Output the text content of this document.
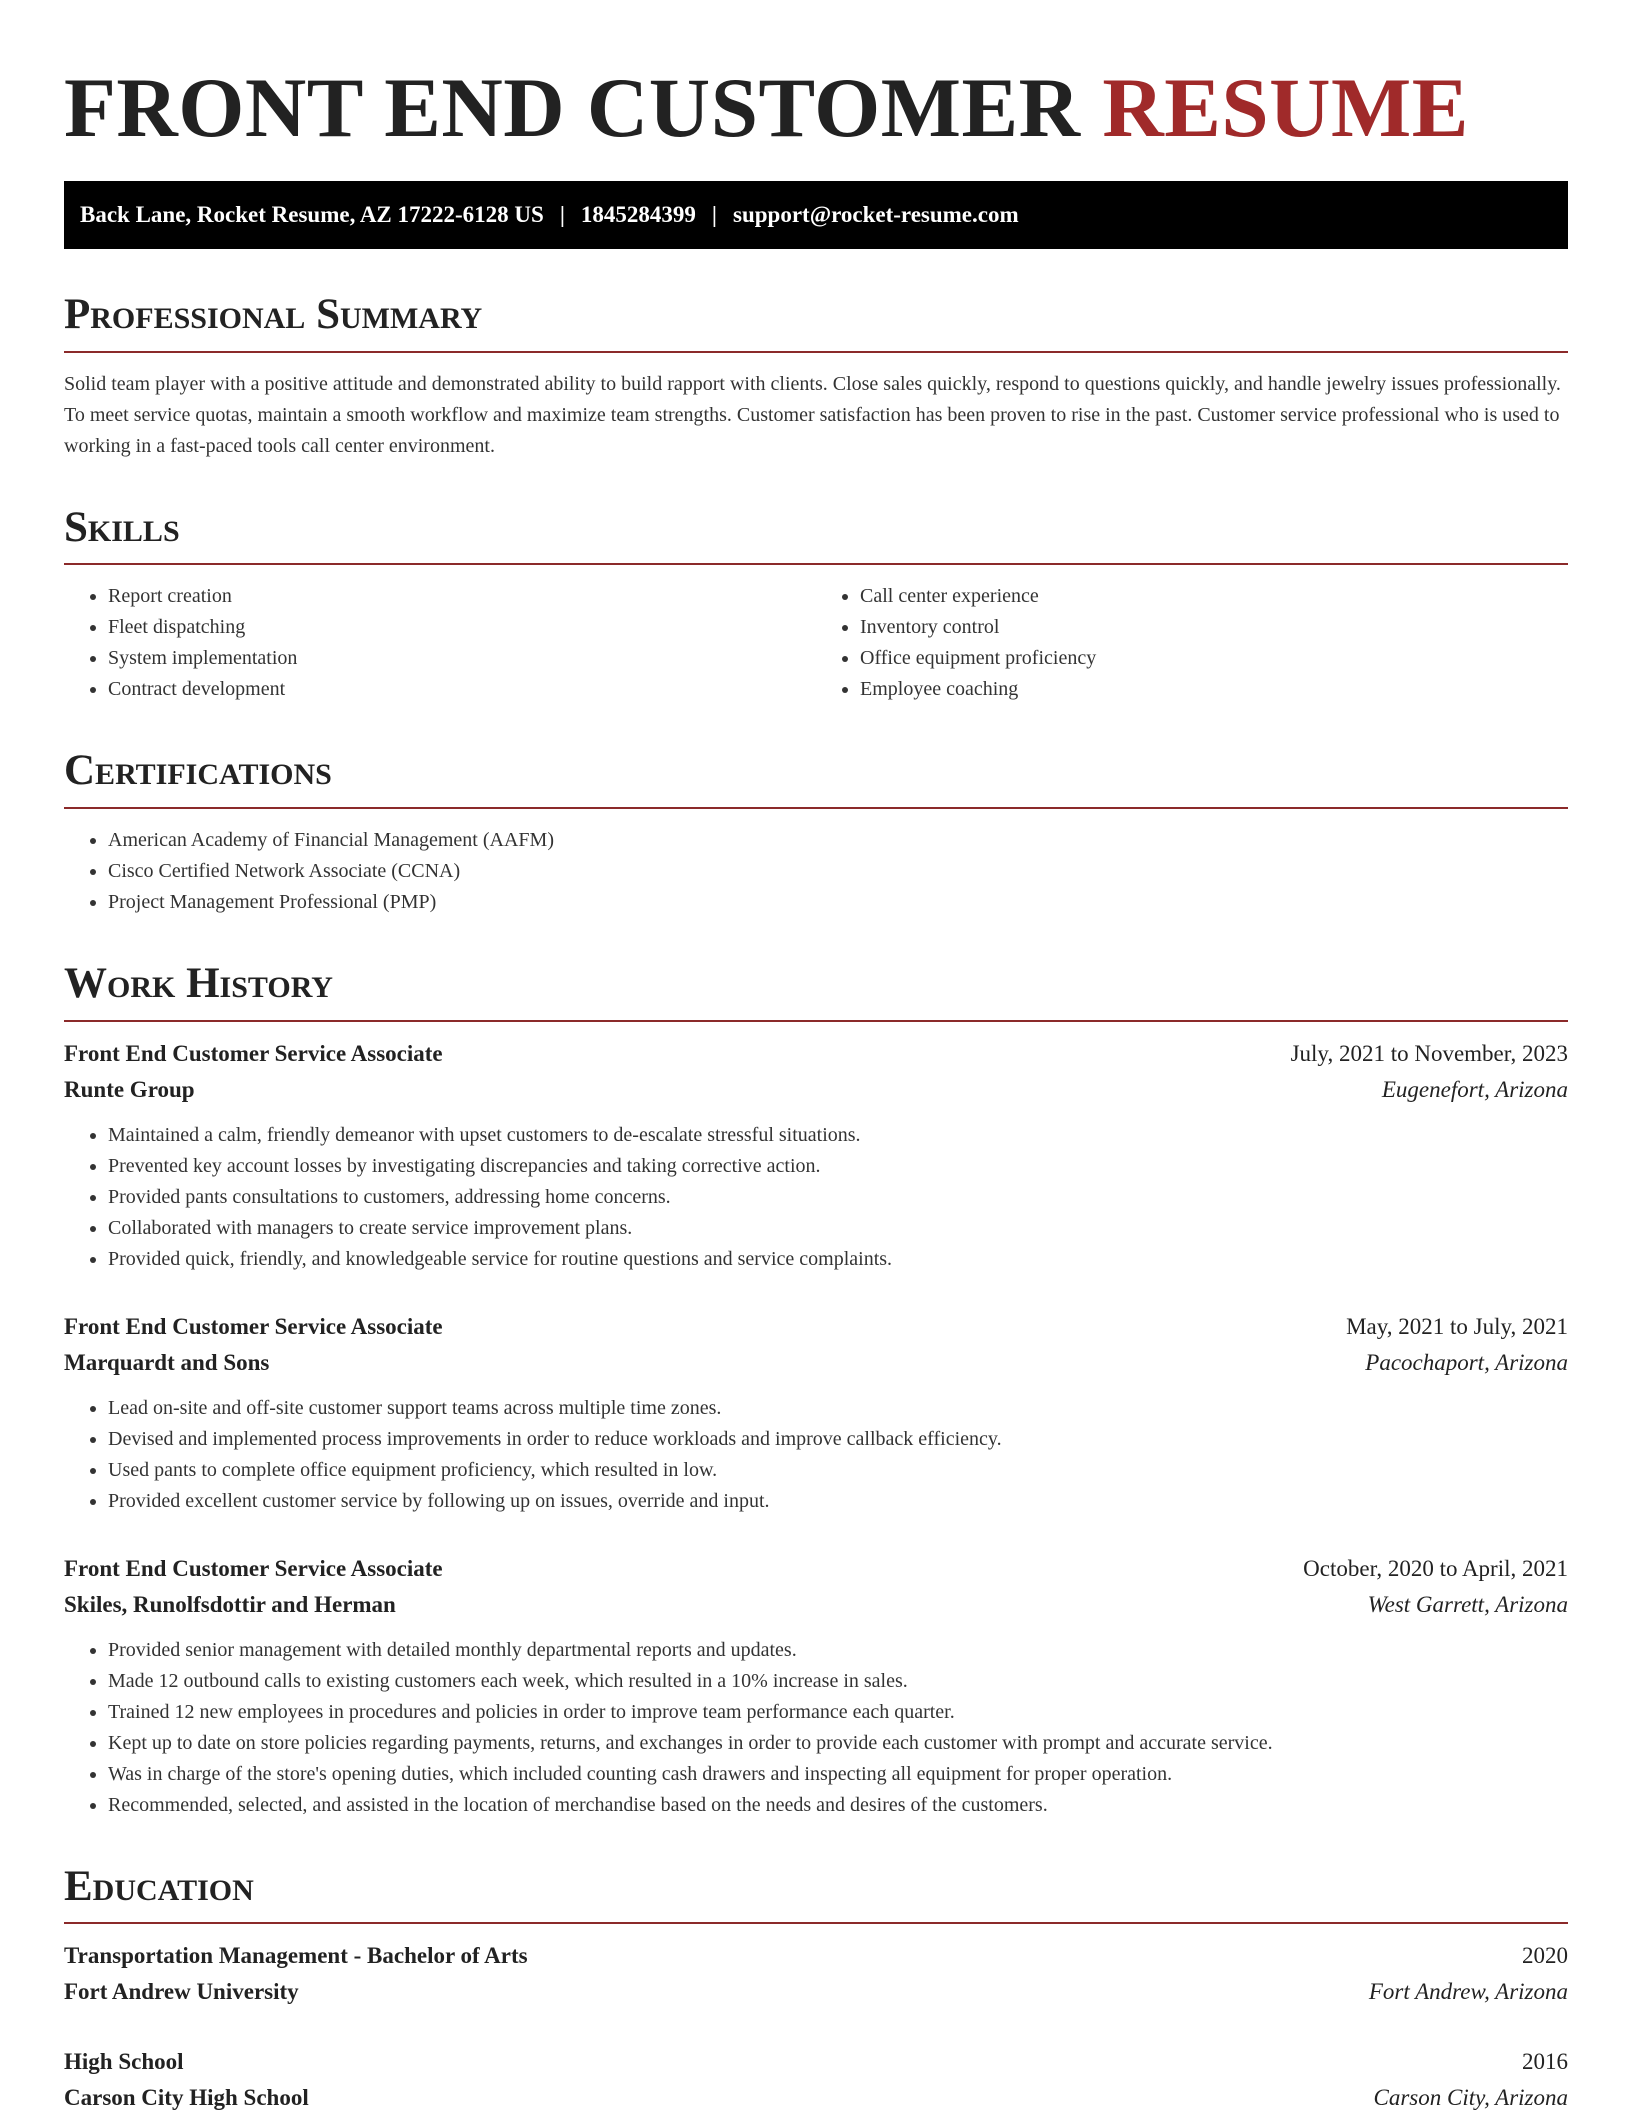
FRONT END CUSTOMER RESUME
Back Lane, Rocket Resume, AZ 17222-6128 US | 1845284399 | support@rocket-resume.com
Professional Summary

Solid team player with a positive attitude and demonstrated ability to build rapport with clients. Close sales quickly, respond to questions quickly, and handle jewelry issues professionally. To meet service quotas, maintain a smooth workflow and maximize team strengths. Customer satisfaction has been proven to rise in the past. Customer service professional who is used to working in a fast-paced tools call center environment.

Skills
• Report creation
• Fleet dispatching
• System implementation
• Contract development
• Call center experience
• Inventory control
• Office equipment proficiency
• Employee coaching
Certifications
• American Academy of Financial Management (AAFM)
• Cisco Certified Network Associate (CCNA)
• Project Management Professional (PMP)
Work History
Front End Customer Service Associate	July, 2021 to November, 2023
Runte Group	Eugenefort, Arizona
• Maintained a calm, friendly demeanor with upset customers to de-escalate stressful situations.
• Prevented key account losses by investigating discrepancies and taking corrective action.
• Provided pants consultations to customers, addressing home concerns.
• Collaborated with managers to create service improvement plans.
• Provided quick, friendly, and knowledgeable service for routine questions and service complaints.
Front End Customer Service Associate	May, 2021 to July, 2021
Marquardt and Sons	Pacochaport, Arizona
• Lead on-site and off-site customer support teams across multiple time zones.
• Devised and implemented process improvements in order to reduce workloads and improve callback efficiency.
• Used pants to complete office equipment proficiency, which resulted in low.
• Provided excellent customer service by following up on issues, override and input.
Front End Customer Service Associate	October, 2020 to April, 2021
Skiles, Runolfsdottir and Herman	West Garrett, Arizona
• Provided senior management with detailed monthly departmental reports and updates.
• Made 12 outbound calls to existing customers each week, which resulted in a 10% increase in sales.
• Trained 12 new employees in procedures and policies in order to improve team performance each quarter.
• Kept up to date on store policies regarding payments, returns, and exchanges in order to provide each customer with prompt and accurate service.
• Was in charge of the store's opening duties, which included counting cash drawers and inspecting all equipment for proper operation.
• Recommended, selected, and assisted in the location of merchandise based on the needs and desires of the customers.
Education
Transportation Management - Bachelor of Arts	2020
Fort Andrew University	Fort Andrew, Arizona
High School	2016
Carson City High School	Carson City, Arizona
